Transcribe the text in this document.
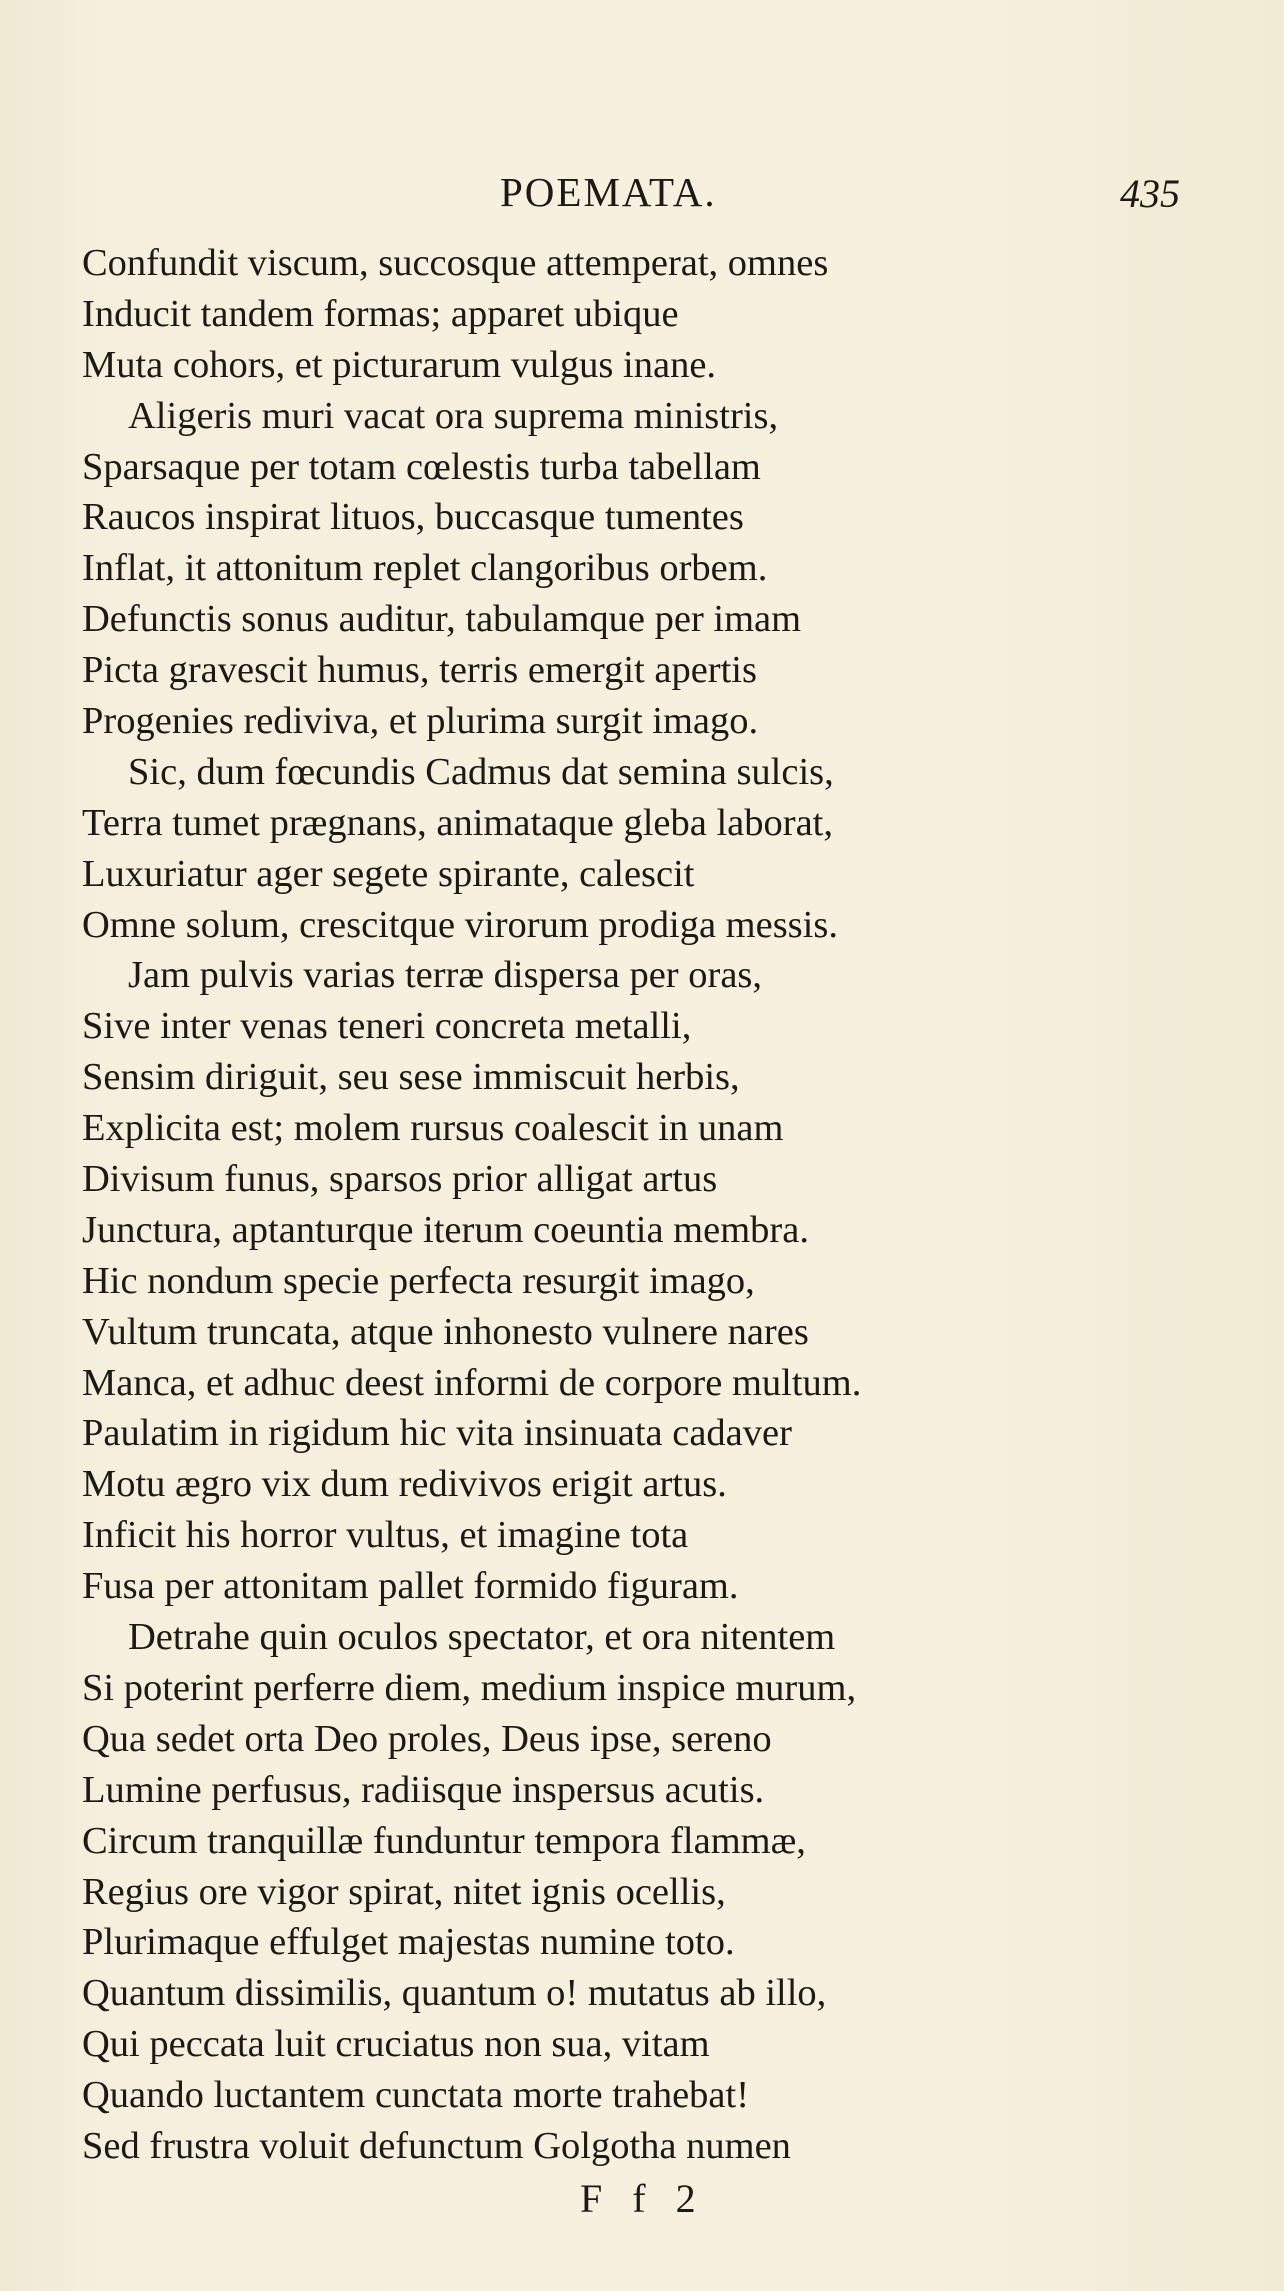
POEMATA.	435
Confundit viscum, succosque attemperat, omnes
Inducit tandem formas; apparet ubique
Muta cohors, et picturarum vulgus inane.
Aligeris muri vacat ora suprema ministris,
Sparsaque per totam cœlestis turba tabellam
Raucos inspirat lituos, buccasque tumentes
Inflat, it attonitum replet clangoribus orbem.
Defunctis sonus auditur, tabulamque per imam
Picta gravescit humus, terris emergit apertis
Progenies rediviva, et plurima surgit imago.
Sic, dum fœcundis Cadmus dat semina sulcis,
Terra tumet prægnans, animataque gleba laborat,
Luxuriatur ager segete spirante, calescit
Omne solum, crescitque virorum prodiga messis.
Jam pulvis varias terræ dispersa per oras,
Sive inter venas teneri concreta metalli,
Sensim diriguit, seu sese immiscuit herbis,
Explicita est; molem rursus coalescit in unam
Divisum funus, sparsos prior alligat artus
Junctura, aptanturque iterum coeuntia membra.
Hic nondum specie perfecta resurgit imago,
Vultum truncata, atque inhonesto vulnere nares
Manca, et adhuc deest informi de corpore multum.
Paulatim in rigidum hic vita insinuata cadaver
Motu ægro vix dum redivivos erigit artus.
Inficit his horror vultus, et imagine tota
Fusa per attonitam pallet formido figuram.
Detrahe quin oculos spectator, et ora nitentem
Si poterint perferre diem, medium inspice murum,
Qua sedet orta Deo proles, Deus ipse, sereno
Lumine perfusus, radiisque inspersus acutis.
Circum tranquillæ funduntur tempora flammæ,
Regius ore vigor spirat, nitet ignis ocellis,
Plurimaque effulget majestas numine toto.
Quantum dissimilis, quantum o! mutatus ab illo,
Qui peccata luit cruciatus non sua, vitam
Quando luctantem cunctata morte trahebat!
Sed frustra voluit defunctum Golgotha numen
F f 2
